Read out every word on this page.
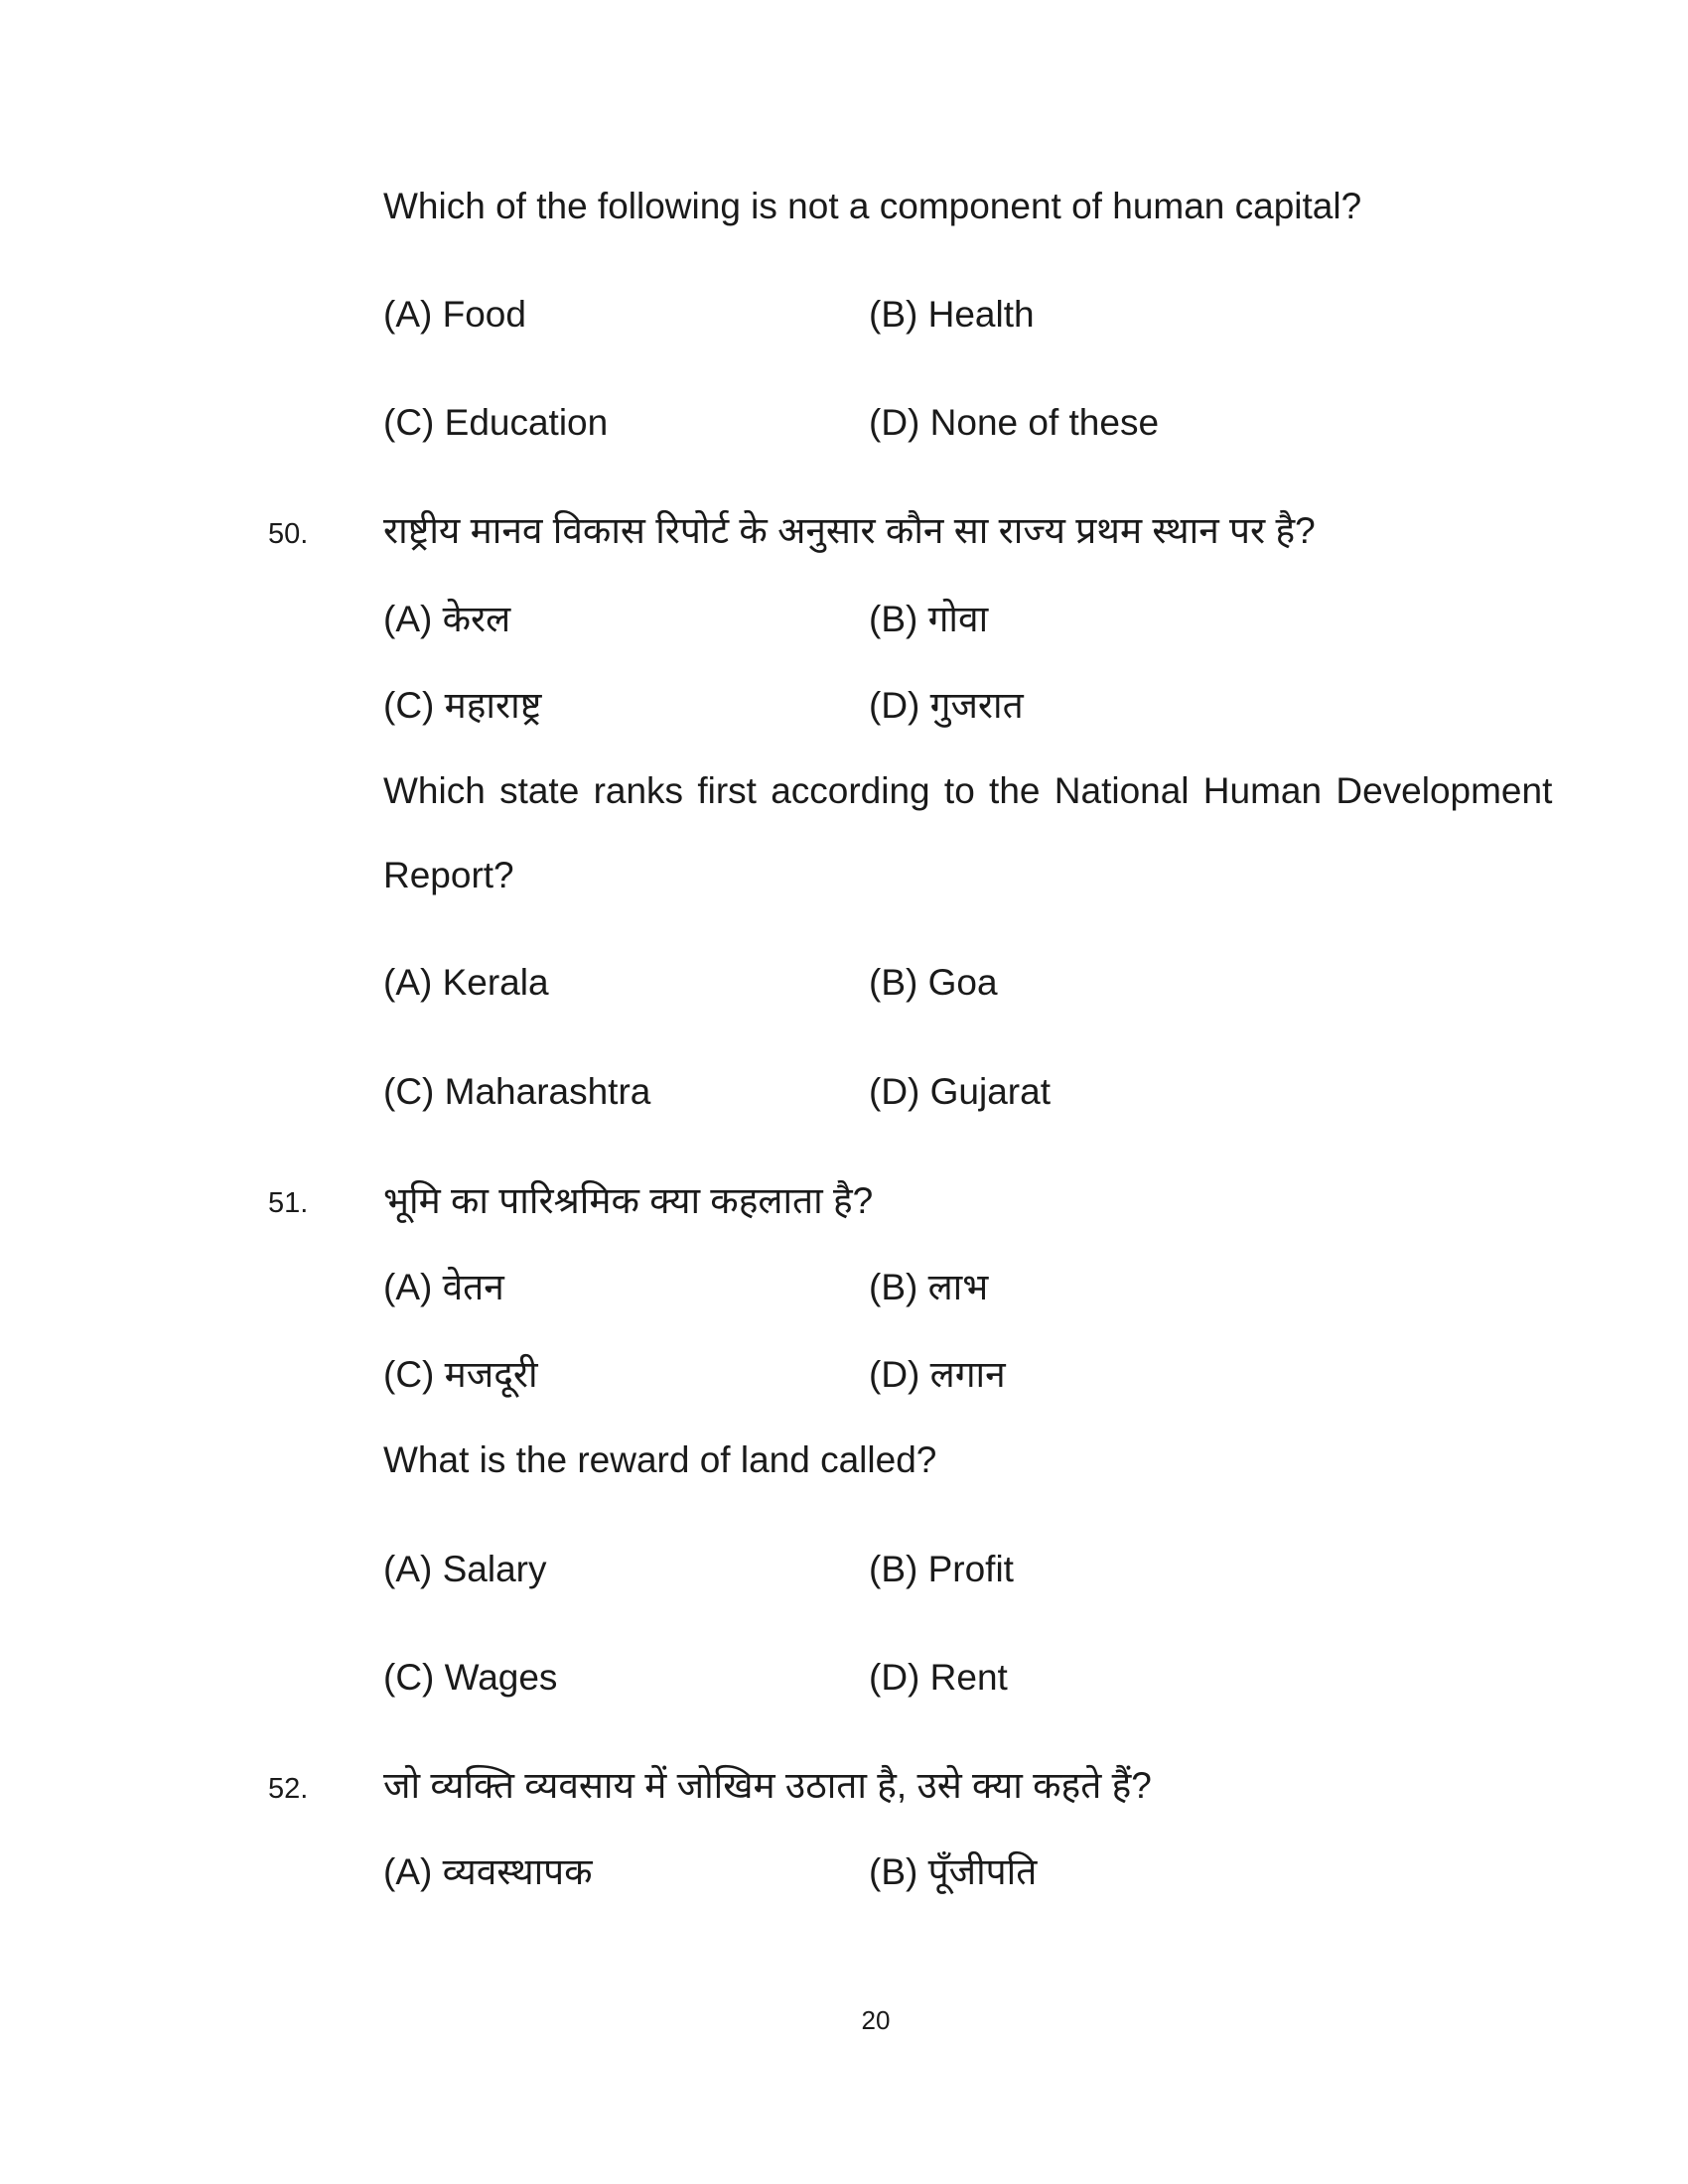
Which of the following is not a component of human capital?
(A) Food	(B) Health
(C) Education	(D) None of these
50. राष्ट्रीय मानव विकास रिपोर्ट के अनुसार कौन सा राज्य प्रथम स्थान पर है?
(A) केरल	(B) गोवा
(C) महाराष्ट्र	(D) गुजरात
Which state ranks first according to the National Human Development
Report?
(A) Kerala	(B) Goa
(C) Maharashtra	(D) Gujarat
51. भूमि का पारिश्रमिक क्या कहलाता है?
(A) वेतन	(B) लाभ
(C) मजदूरी	(D) लगान
What is the reward of land called?
(A) Salary	(B) Profit
(C) Wages	(D) Rent
52. जो व्यक्ति व्यवसाय में जोखिम उठाता है, उसे क्या कहते हैं?
(A) व्यवस्थापक	(B) पूँजीपति
20
